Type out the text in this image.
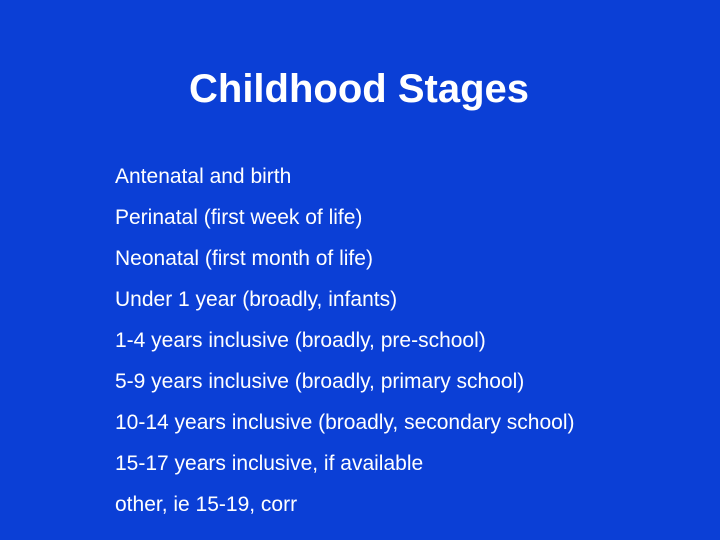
Childhood Stages
Antenatal and birth
Perinatal (first week of life)
Neonatal (first month of life)
Under 1 year (broadly, infants)
1-4 years inclusive (broadly, pre-school)
5-9 years inclusive (broadly, primary school)
10-14 years inclusive (broadly, secondary school)
15-17 years inclusive, if available
other, ie 15-19, corr
